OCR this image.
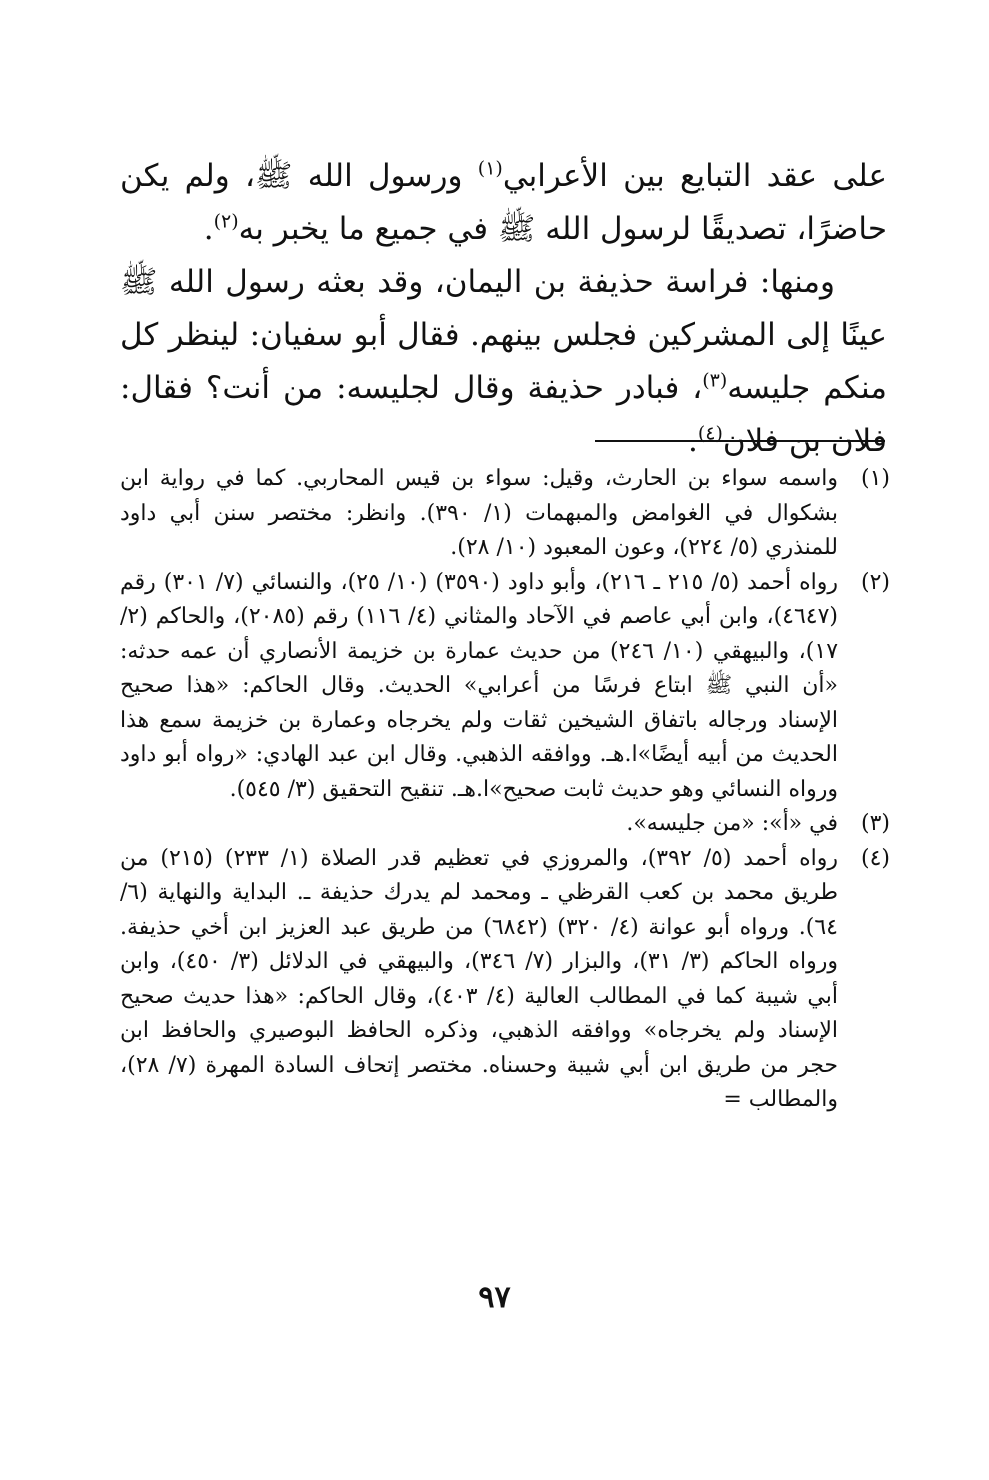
على عقد التبايع بين الأعرابي$^{(١)}$ ورسول الله ﷺ، ولم يكن حاضرًا، تصديقًا لرسول الله ﷺ في جميع ما يخبر به$^{(٢)}$.

ومنها: فراسة حذيفة بن اليمان، وقد بعثه رسول الله ﷺ عينًا إلى المشركين فجلس بينهم. فقال أبو سفيان: لينظر كل منكم جليسه$^{(٣)}$، فبادر حذيفة وقال لجليسه: من أنت؟ فقال: فلان بن فلان$^{(٤)}$.

(١)
واسمه سواء بن الحارث، وقيل: سواء بن قيس المحاربي. كما في رواية ابن بشكوال في الغوامض والمبهمات (١/ ٣٩٠). وانظر: مختصر سنن أبي داود للمنذري (٥/ ٢٢٤)، وعون المعبود (١٠/ ٢٨).
(٢)
رواه أحمد (٥/ ٢١٥ ـ ٢١٦)، وأبو داود (٣٥٩٠) (١٠/ ٢٥)، والنسائي (٧/ ٣٠١) رقم (٤٦٤٧)، وابن أبي عاصم في الآحاد والمثاني (٤/ ١١٦) رقم (٢٠٨٥)، والحاكم (٢/ ١٧)، والبيهقي (١٠/ ٢٤٦) من حديث عمارة بن خزيمة الأنصاري أن عمه حدثه: «أن النبي ﷺ ابتاع فرسًا من أعرابي» الحديث. وقال الحاكم: «هذا صحيح الإسناد ورجاله باتفاق الشيخين ثقات ولم يخرجاه وعمارة بن خزيمة سمع هذا الحديث من أبيه أيضًا»ا.هـ. ووافقه الذهبي. وقال ابن عبد الهادي: «رواه أبو داود ورواه النسائي وهو حديث ثابت صحيح»ا.هـ. تنقيح التحقيق (٣/ ٥٤٥).
(٣)
في «أ»: «من جليسه».
(٤)
رواه أحمد (٥/ ٣٩٢)، والمروزي في تعظيم قدر الصلاة (١/ ٢٣٣) (٢١٥) من طريق محمد بن كعب القرظي ـ ومحمد لم يدرك حذيفة ـ. البداية والنهاية (٦/ ٦٤). ورواه أبو عوانة (٤/ ٣٢٠) (٦٨٤٢) من طريق عبد العزيز ابن أخي حذيفة. ورواه الحاكم (٣/ ٣١)، والبزار (٧/ ٣٤٦)، والبيهقي في الدلائل (٣/ ٤٥٠)، وابن أبي شيبة كما في المطالب العالية (٤/ ٤٠٣)، وقال الحاكم: «هذا حديث صحيح الإسناد ولم يخرجاه» ووافقه الذهبي، وذكره الحافظ البوصيري والحافظ ابن حجر من طريق ابن أبي شيبة وحسناه. مختصر إتحاف السادة المهرة (٧/ ٢٨)، والمطالب =
٩٧
